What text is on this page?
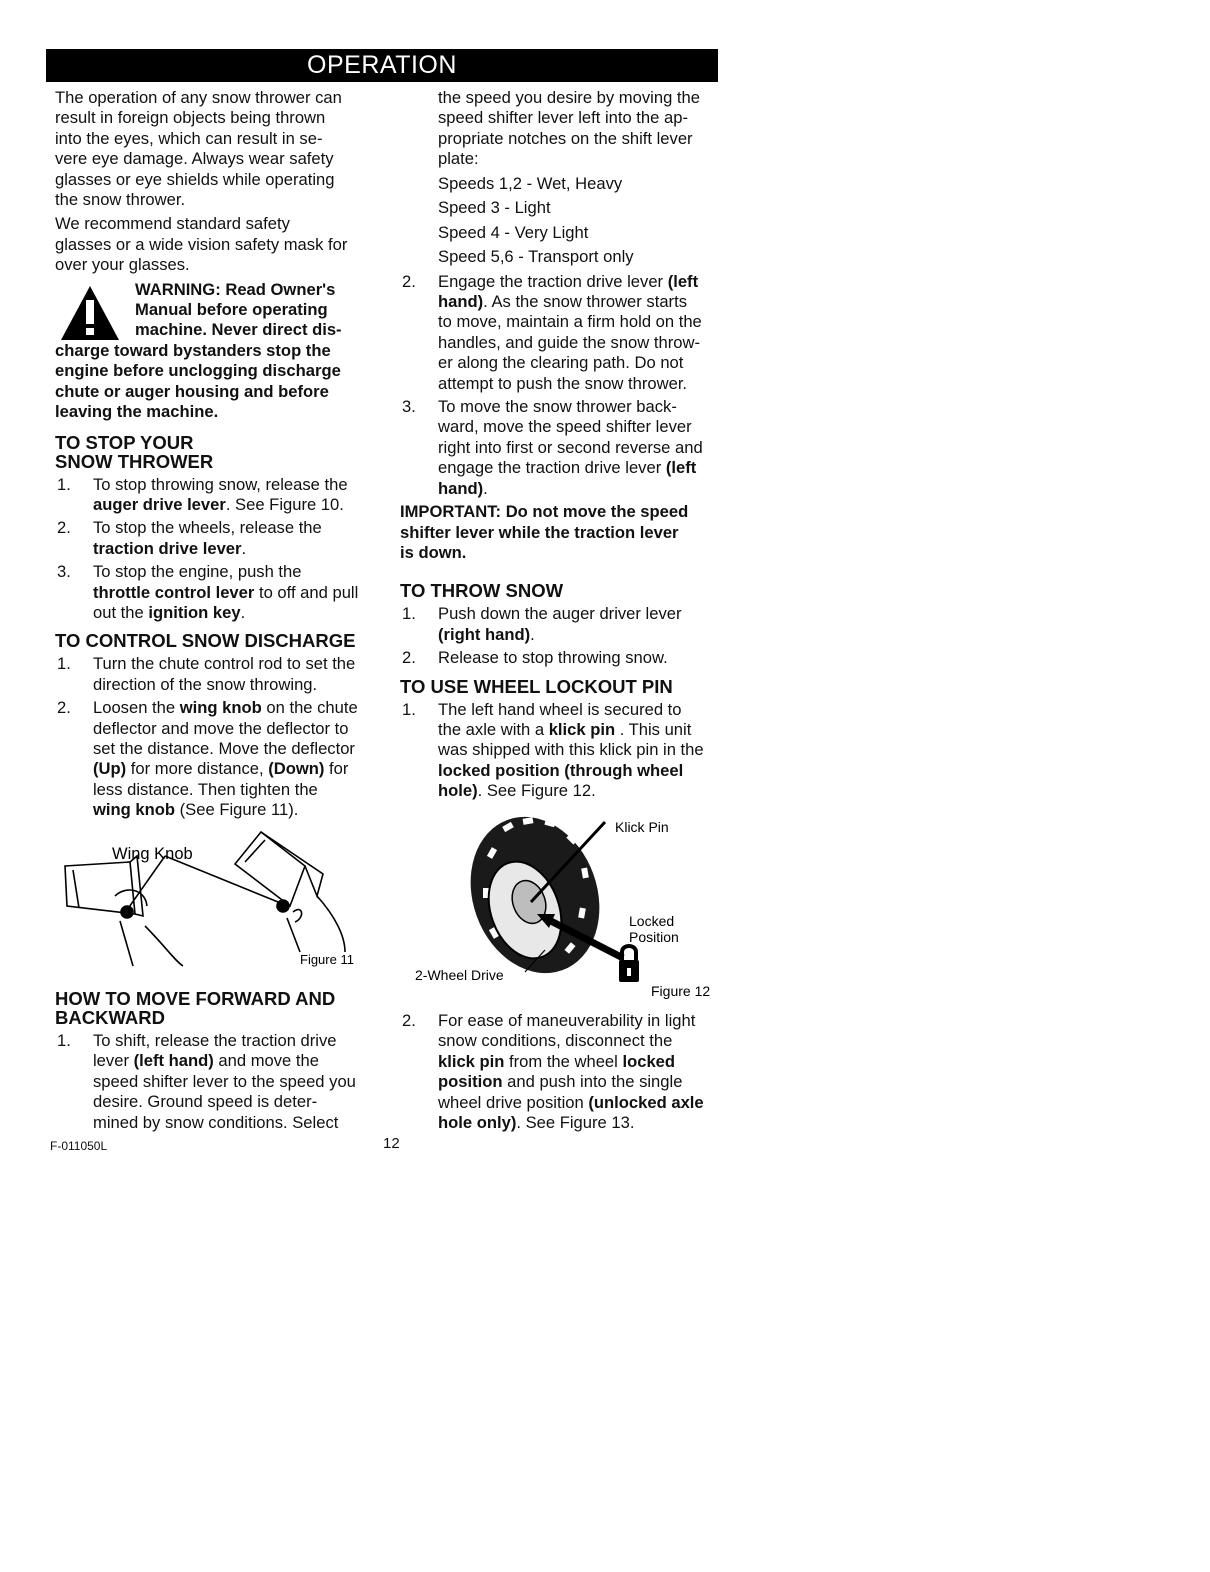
OPERATION

The operation of any snow thrower can
result in foreign objects being thrown
into the eyes, which can result in se-
vere eye damage. Always wear safety
glasses or eye shields while operating
the snow thrower.

We recommend standard safety
glasses or a wide vision safety mask for
over your glasses.

WARNING: Read Owner's
Manual before operating
machine. Never direct dis-
charge toward bystanders stop the
engine before unclogging discharge
chute or auger housing and before
leaving the machine.
TO STOP YOUR
SNOW THROWER
1. To stop throwing snow, release the
auger drive lever. See Figure 10.
2. To stop the wheels, release the
traction drive lever.
3. To stop the engine, push the
throttle control lever to off and pull
out the ignition key.
TO CONTROL SNOW DISCHARGE
1. Turn the chute control rod to set the
direction of the snow throwing.
2. Loosen the wing knob on the chute
deflector and move the deflector to
set the distance. Move the deflector
(Up) for more distance, (Down) for
less distance. Then tighten the
wing knob (See Figure 11).
Wing Knob
Figure 11
HOW TO MOVE FORWARD AND
BACKWARD
1. To shift, release the traction drive
lever (left hand) and move the
speed shifter lever to the speed you
desire. Ground speed is deter-
mined by snow conditions. Select
F-011050L	12
the speed you desire by moving the
speed shifter lever left into the ap-
propriate notches on the shift lever
plate:
Speeds 1,2 - Wet, Heavy
Speed 3 - Light
Speed 4 - Very Light
Speed 5,6 - Transport only
2. Engage the traction drive lever (left
hand). As the snow thrower starts
to move, maintain a firm hold on the
handles, and guide the snow throw-
er along the clearing path. Do not
attempt to push the snow thrower.
3. To move the snow thrower back-
ward, move the speed shifter lever
right into first or second reverse and
engage the traction drive lever (left
hand).
IMPORTANT: Do not move the speed
shifter lever while the traction lever
is down.
TO THROW SNOW
1. Push down the auger driver lever
(right hand).
2. Release to stop throwing snow.
TO USE WHEEL LOCKOUT PIN
1. The left hand wheel is secured to
the axle with a klick pin . This unit
was shipped with this klick pin in the
locked position (through wheel
hole). See Figure 12.
Klick Pin
Locked
Position
2-Wheel Drive
Figure 12
2. For ease of maneuverability in light
snow conditions, disconnect the
klick pin from the wheel locked
position and push into the single
wheel drive position (unlocked axle
hole only). See Figure 13.
